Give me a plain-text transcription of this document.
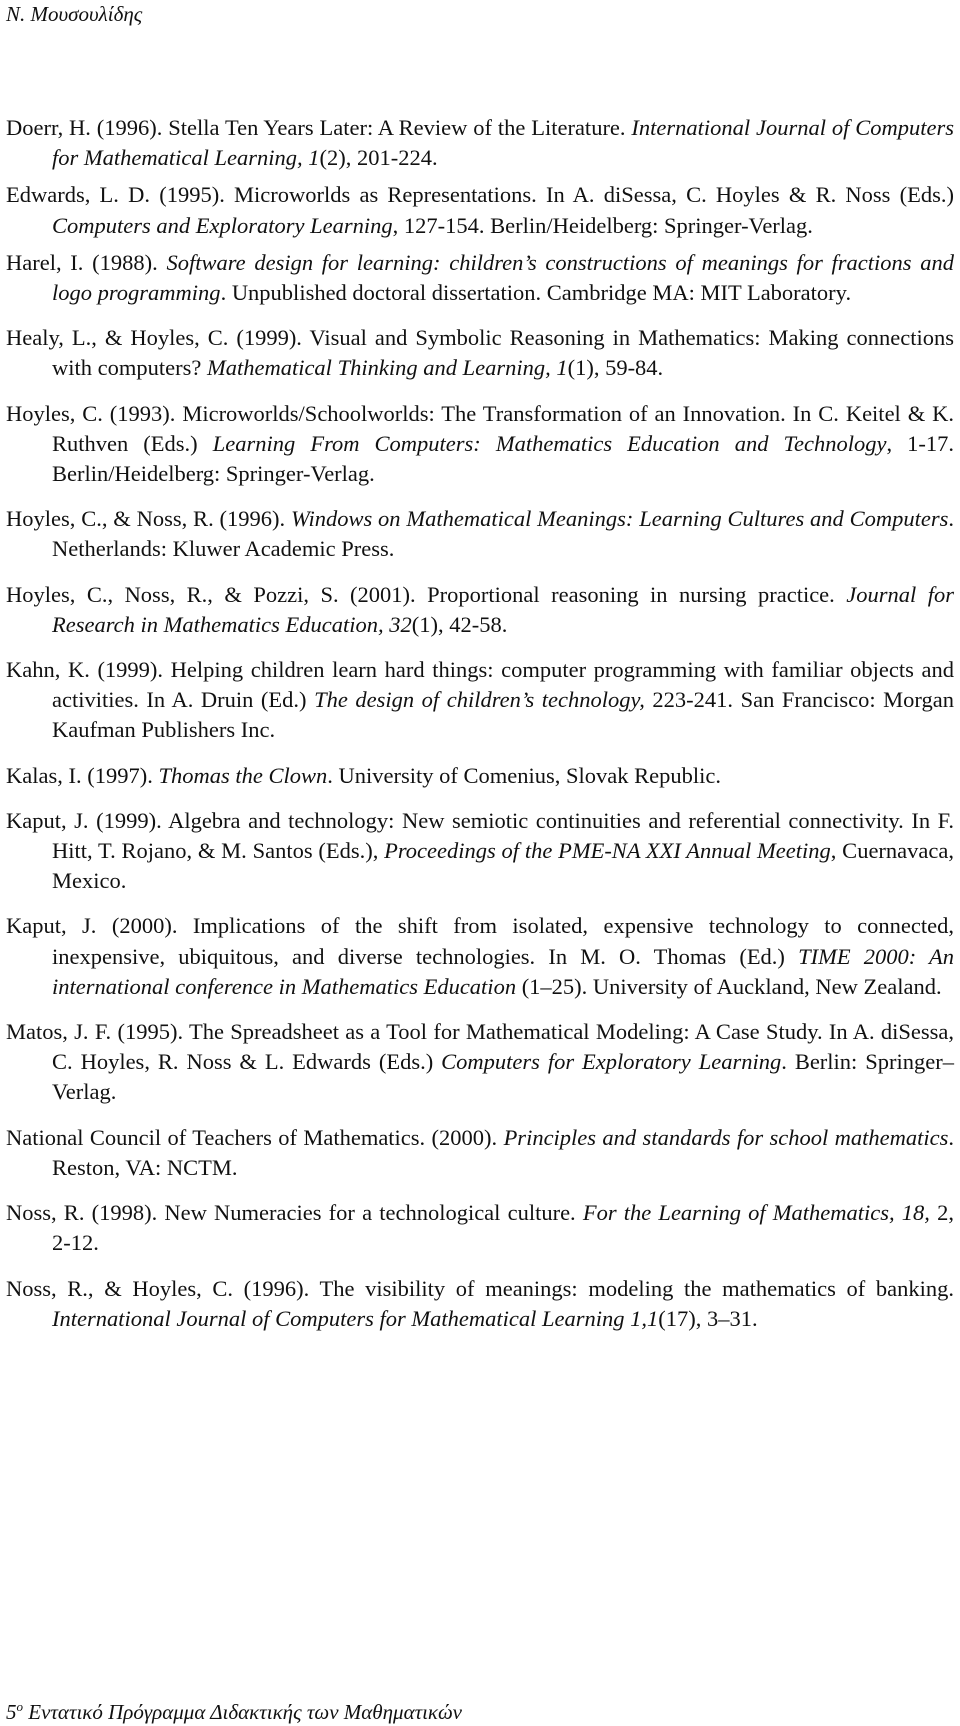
Ν. Μουσουλίδης

Doerr, H. (1996). Stella Ten Years Later: A Review of the Literature. International Journal of Computers for Mathematical Learning, 1(2), 201-224.

Edwards, L. D. (1995). Microworlds as Representations. In A. diSessa, C. Hoyles & R. Noss (Eds.) Computers and Exploratory Learning, 127-154. Berlin/Heidelberg: Springer-Verlag.

Harel, I. (1988). Software design for learning: children’s constructions of meanings for fractions and logo programming. Unpublished doctoral dissertation. Cambridge MA: MIT Laboratory.

Healy, L., & Hoyles, C. (1999). Visual and Symbolic Reasoning in Mathematics: Making connections with computers? Mathematical Thinking and Learning, 1(1), 59-84.

Hoyles, C. (1993). Microworlds/Schoolworlds: The Transformation of an Innovation. In C. Keitel & K. Ruthven (Eds.) Learning From Computers: Mathematics Education and Technology, 1-17. Berlin/Heidelberg: Springer-Verlag.

Hoyles, C., & Noss, R. (1996). Windows on Mathematical Meanings: Learning Cultures and Computers. Netherlands: Kluwer Academic Press.

Hoyles, C., Noss, R., & Pozzi, S. (2001). Proportional reasoning in nursing practice. Journal for Research in Mathematics Education, 32(1), 42-58.

Kahn, K. (1999). Helping children learn hard things: computer programming with familiar objects and activities. In A. Druin (Ed.) The design of children’s technology, 223-241. San Francisco: Morgan Kaufman Publishers Inc.

Kalas, I. (1997). Thomas the Clown. University of Comenius, Slovak Republic.

Kaput, J. (1999). Algebra and technology: New semiotic continuities and referential connectivity. In F. Hitt, T. Rojano, & M. Santos (Eds.), Proceedings of the PME-NA XXI Annual Meeting, Cuernavaca, Mexico.

Kaput, J. (2000). Implications of the shift from isolated, expensive technology to connected, inexpensive, ubiquitous, and diverse technologies. In M. O. Thomas (Ed.) TIME 2000: An international conference in Mathematics Education (1–25). University of Auckland, New Zealand.

Matos, J. F. (1995). The Spreadsheet as a Tool for Mathematical Modeling: A Case Study. In A. diSessa, C. Hoyles, R. Noss & L. Edwards (Eds.) Computers for Exploratory Learning. Berlin: Springer–Verlag.

National Council of Teachers of Mathematics. (2000). Principles and standards for school mathematics. Reston, VA: NCTM.

Noss, R. (1998). New Numeracies for a technological culture. For the Learning of Mathematics, 18, 2, 2-12.

Noss, R., & Hoyles, C. (1996). The visibility of meanings: modeling the mathematics of banking. International Journal of Computers for Mathematical Learning 1,1(17), 3–31.

$5^o$ Εντατικό Πρόγραμμα Διδακτικής των Μαθηματικών
